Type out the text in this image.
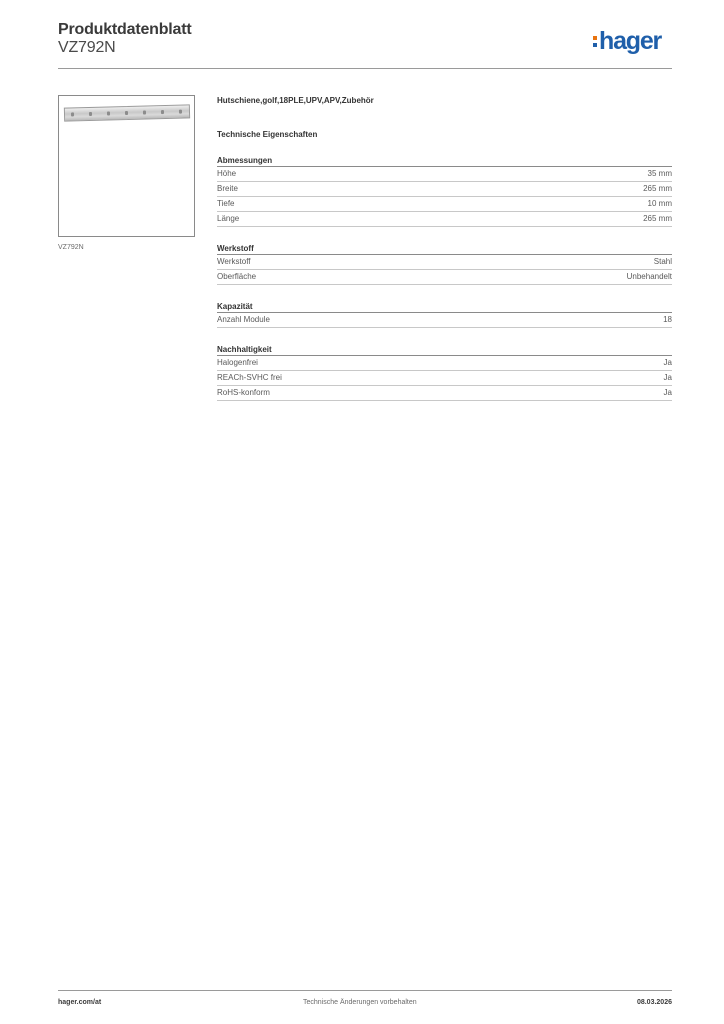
Produktdatenblatt
VZ792N	hager
VZ792N
Hutschiene,golf,18PLE,UPV,APV,Zubehör
Technische Eigenschaften
Abmessungen
Höhe	35 mm
Breite	265 mm
Tiefe	10 mm
Länge	265 mm
Werkstoff
Werkstoff	Stahl
Oberfläche	Unbehandelt
Kapazität
Anzahl Module	18
Nachhaltigkeit
Halogenfrei	Ja
REACh-SVHC frei	Ja
RoHS-konform	Ja
hager.com/at	Technische Änderungen vorbehalten	08.03.2026
